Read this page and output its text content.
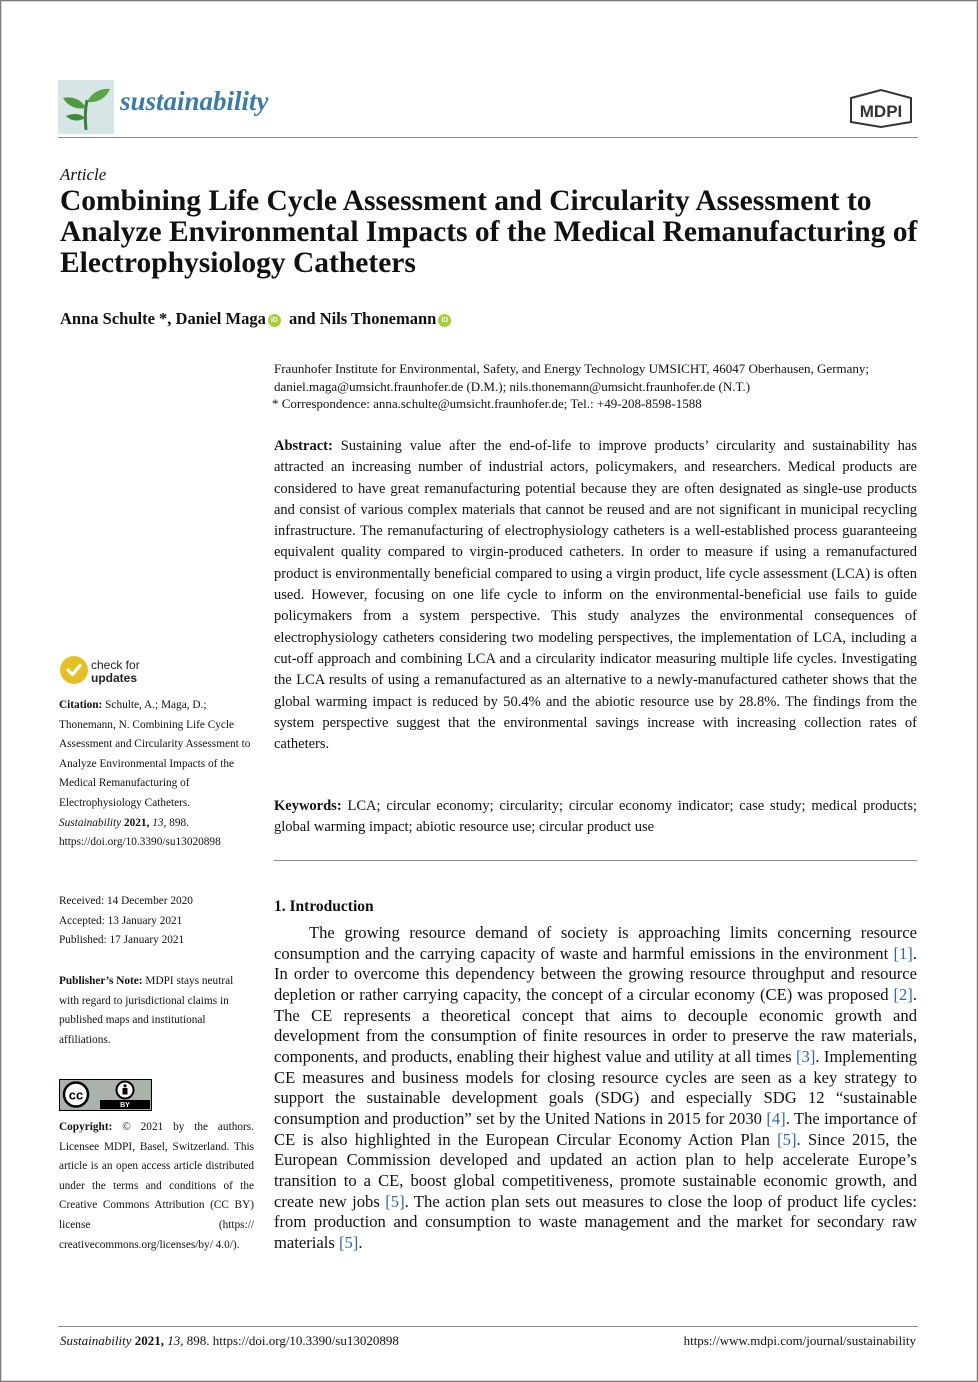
sustainability	MDPI
Article
Combining Life Cycle Assessment and Circularity Assessment to Analyze Environmental Impacts of the Medical Remanufacturing of Electrophysiology Catheters
Anna Schulte *, Daniel Maga iD and Nils Thonemann iD
Fraunhofer Institute for Environmental, Safety, and Energy Technology UMSICHT, 46047 Oberhausen, Germany;
daniel.maga@umsicht.fraunhofer.de (D.M.); nils.thonemann@umsicht.fraunhofer.de (N.T.)
* Correspondence: anna.schulte@umsicht.fraunhofer.de; Tel.: +49-208-8598-1588
Abstract: Sustaining value after the end-of-life to improve products’ circularity and sustainability has attracted an increasing number of industrial actors, policymakers, and researchers. Medical products are considered to have great remanufacturing potential because they are often designated as single-use products and consist of various complex materials that cannot be reused and are not significant in municipal recycling infrastructure. The remanufacturing of electrophysiology catheters is a well-established process guaranteeing equivalent quality compared to virgin-produced catheters. In order to measure if using a remanufactured product is environmentally beneficial compared to using a virgin product, life cycle assessment (LCA) is often used. However, focusing on one life cycle to inform on the environmental-beneficial use fails to guide policymakers from a system perspective. This study analyzes the environmental consequences of electrophysiology catheters considering two modeling perspectives, the implementation of LCA, including a cut-off approach and combining LCA and a circularity indicator measuring multiple life cycles. Investigating the LCA results of using a remanufactured as an alternative to a newly-manufactured catheter shows that the global warming impact is reduced by 50.4% and the abiotic resource use by 28.8%. The findings from the system perspective suggest that the environmental savings increase with increasing collection rates of catheters.
Keywords: LCA; circular economy; circularity; circular economy indicator; case study; medical products; global warming impact; abiotic resource use; circular product use
1. Introduction
The growing resource demand of society is approaching limits concerning resource consumption and the carrying capacity of waste and harmful emissions in the environment [1]. In order to overcome this dependency between the growing resource throughput and resource depletion or rather carrying capacity, the concept of a circular economy (CE) was proposed [2]. The CE represents a theoretical concept that aims to decouple economic growth and development from the consumption of finite resources in order to preserve the raw materials, components, and products, enabling their highest value and utility at all times [3]. Implementing CE measures and business models for closing resource cycles are seen as a key strategy to support the sustainable development goals (SDG) and especially SDG 12 “sustainable consumption and production” set by the United Nations in 2015 for 2030 [4]. The importance of CE is also highlighted in the European Circular Economy Action Plan [5]. Since 2015, the European Commission developed and updated an action plan to help accelerate Europe’s transition to a CE, boost global competitiveness, promote sustainable economic growth, and create new jobs [5]. The action plan sets out measures to close the loop of product life cycles: from production and consumption to waste management and the market for secondary raw materials [5].
check for
updates
Citation: Schulte, A.; Maga, D.; Thonemann, N. Combining Life Cycle Assessment and Circularity Assessment to Analyze Environmental Impacts of the Medical Remanufacturing of Electrophysiology Catheters. Sustainability 2021, 13, 898. https://doi.org/10.3390/su13020898
Received: 14 December 2020
Accepted: 13 January 2021
Published: 17 January 2021
Publisher’s Note: MDPI stays neutral with regard to jurisdictional claims in published maps and institutional affiliations.
cc
BY
Copyright: © 2021 by the authors. Licensee MDPI, Basel, Switzerland. This article is an open access article distributed under the terms and conditions of the Creative Commons Attribution (CC BY) license (https:// creativecommons.org/licenses/by/ 4.0/).
Sustainability 2021, 13, 898. https://doi.org/10.3390/su13020898	https://www.mdpi.com/journal/sustainability
